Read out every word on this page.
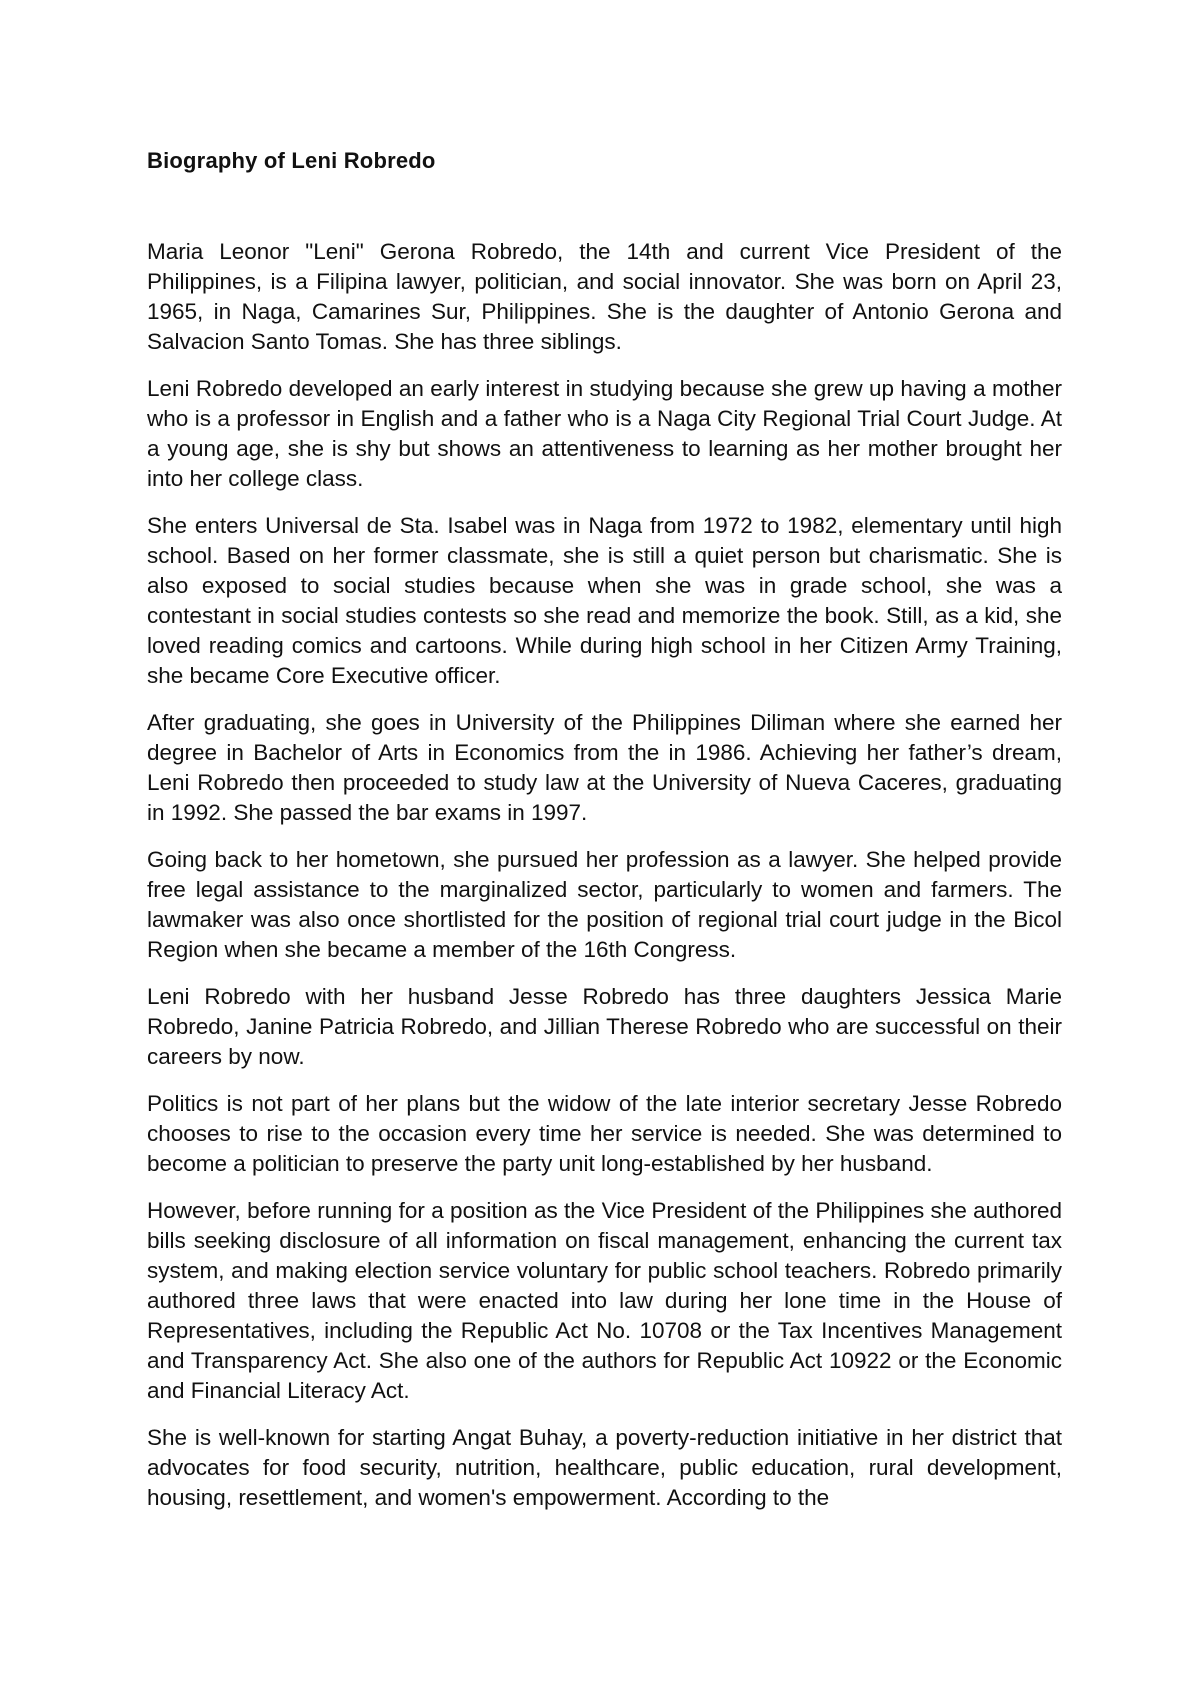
Biography of Leni Robredo

Maria Leonor "Leni" Gerona Robredo, the 14th and current Vice President of the Philippines, is a Filipina lawyer, politician, and social innovator. She was born on April 23, 1965, in Naga, Camarines Sur, Philippines. She is the daughter of Antonio Gerona and Salvacion Santo Tomas. She has three siblings.

Leni Robredo developed an early interest in studying because she grew up having a mother who is a professor in English and a father who is a Naga City Regional Trial Court Judge. At a young age, she is shy but shows an attentiveness to learning as her mother brought her into her college class.

She enters Universal de Sta. Isabel was in Naga from 1972 to 1982, elementary until high school. Based on her former classmate, she is still a quiet person but charismatic. She is also exposed to social studies because when she was in grade school, she was a contestant in social studies contests so she read and memorize the book. Still, as a kid, she loved reading comics and cartoons. While during high school in her Citizen Army Training, she became Core Executive officer.

After graduating, she goes in University of the Philippines Diliman where she earned her degree in Bachelor of Arts in Economics from the in 1986. Achieving her father’s dream, Leni Robredo then proceeded to study law at the University of Nueva Caceres, graduating in 1992. She passed the bar exams in 1997.

Going back to her hometown, she pursued her profession as a lawyer. She helped provide free legal assistance to the marginalized sector, particularly to women and farmers. The lawmaker was also once shortlisted for the position of regional trial court judge in the Bicol Region when she became a member of the 16th Congress.

Leni Robredo with her husband Jesse Robredo has three daughters Jessica Marie Robredo, Janine Patricia Robredo, and Jillian Therese Robredo who are successful on their careers by now.

Politics is not part of her plans but the widow of the late interior secretary Jesse Robredo chooses to rise to the occasion every time her service is needed. She was determined to become a politician to preserve the party unit long-established by her husband.

However, before running for a position as the Vice President of the Philippines she authored bills seeking disclosure of all information on fiscal management, enhancing the current tax system, and making election service voluntary for public school teachers. Robredo primarily authored three laws that were enacted into law during her lone time in the House of Representatives, including the Republic Act No. 10708 or the Tax Incentives Management and Transparency Act. She also one of the authors for Republic Act 10922 or the Economic and Financial Literacy Act.

She is well-known for starting Angat Buhay, a poverty-reduction initiative in her district that advocates for food security, nutrition, healthcare, public education, rural development, housing, resettlement, and women's empowerment. According to the
